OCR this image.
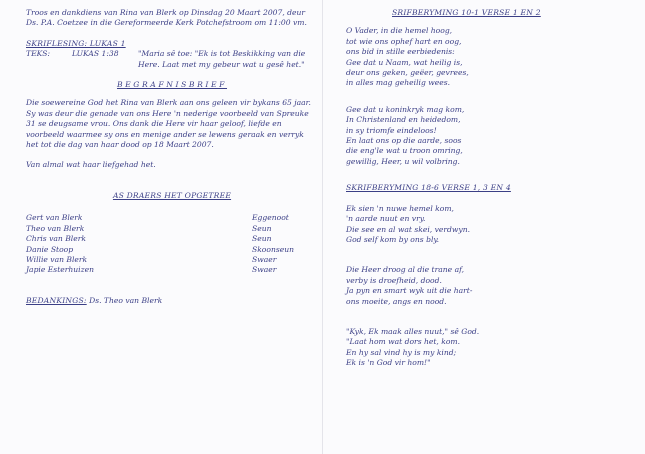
Troos en dankdiens van Rina van Blerk op Dinsdag 20 Maart 2007, deur Ds. P.A. Coetzee in die Gereformeerde Kerk Potchefstroom om 11:00 vm.

SKRIFLESING: LUKAS 1

TEKS:	LUKAS 1:38	"Maria sê toe: "Ek is tot Beskikking van die Here. Laat met my gebeur wat u gesê het."

BEGRAFNISBRIEF

Die soewereine God het Rina van Blerk aan ons geleen vir bykans 65 jaar. Sy was deur die genade van ons Here 'n nederige voorbeeld van Spreuke 31 se deugsame vrou. Ons dank die Here vir haar geloof, liefde en voorbeeld waarmee sy ons en menige ander se lewens geraak en verryk het tot die dag van haar dood op 18 Maart 2007.

Van almal wat haar liefgehad het.

AS DRAERS HET OPGETREE

Gert van Blerk

Theo van Blerk

Chris van Blerk

Danie Stoop

Willie van Blerk

Japie Esterhuizen

Eggenoot

Seun

Seun

Skoonseun

Swaer

Swaer

BEDANKINGS: Ds. Theo van Blerk

SRIFBERYMING 10-1 VERSE 1 EN 2

O Vader, in die hemel hoog,
tot wie ons ophef hart en oog,
ons bid in stille eerbiedenis:
Gee dat u Naam, wat heilig is,
deur ons geken, geëer, gevrees,
in alles mag geheilig wees.

Gee dat u koninkryk mag kom,
In Christenland en heidedom,
in sy triomfe eindeloos!
En laat ons op die aarde, soos
die eng'le wat u troon omring,
gewillig, Heer, u wil volbring.

SKRIFBERYMING 18-6 VERSE 1, 3 EN 4

Ek sien 'n nuwe hemel kom,
'n aarde nuut en vry.
Die see en al wat skei, verdwyn.
God self kom by ons bly.

Die Heer droog al die trane af,
verby is droefheid, dood.
Ja pyn en smart wyk uit die hart-
ons moeite, angs en nood.

"Kyk, Ek maak alles nuut," sê God.
"Laat hom wat dors het, kom.
En hy sal vind hy is my kind;
Ek is 'n God vir hom!"
